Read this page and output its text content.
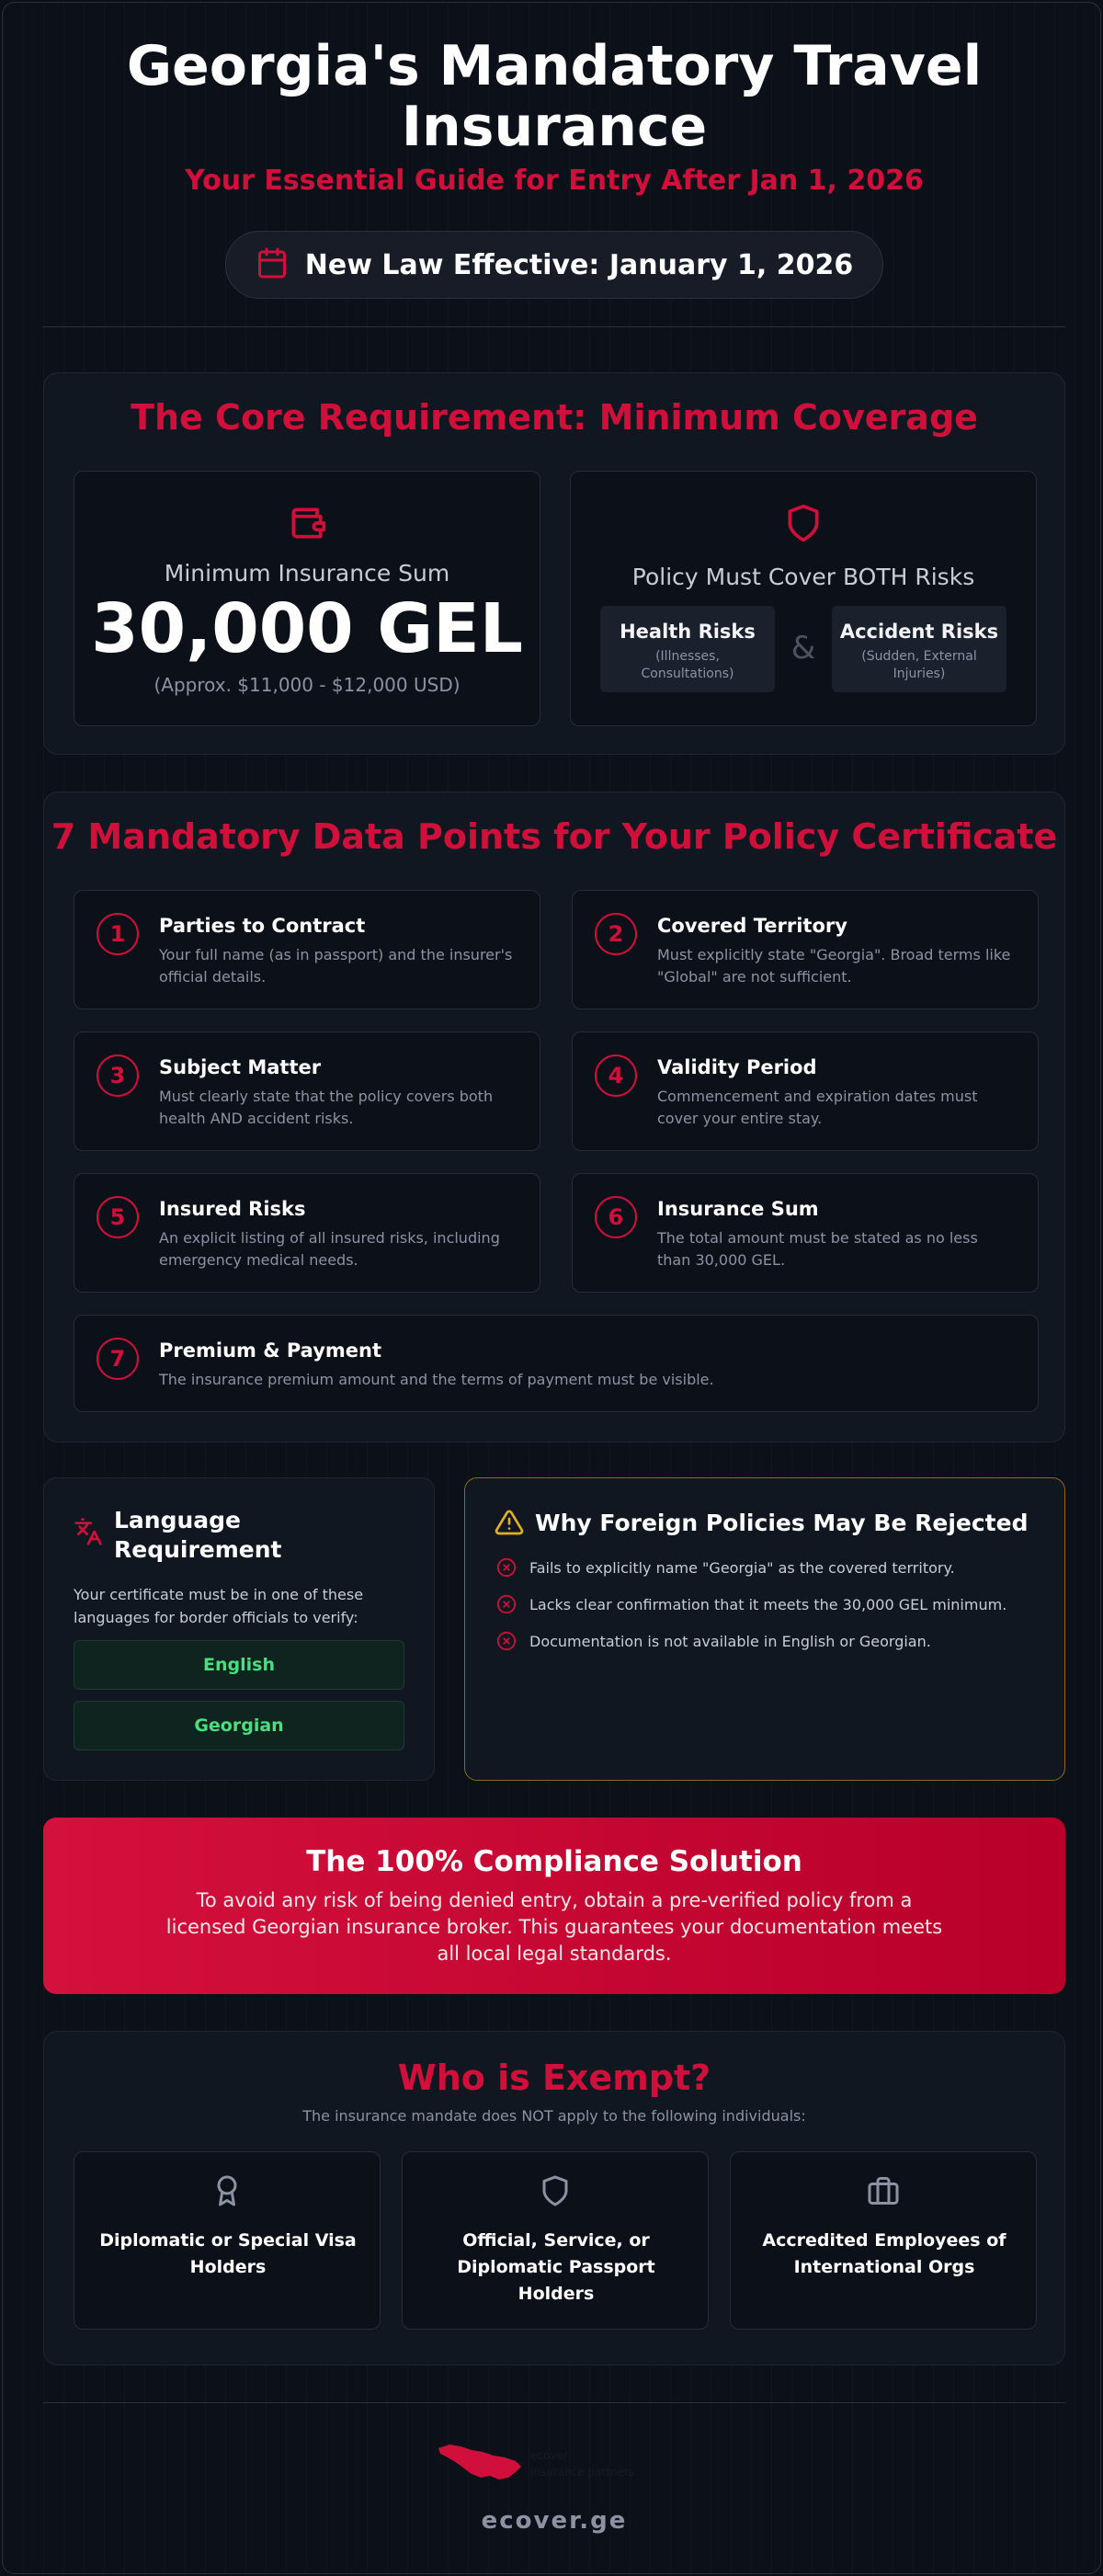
Georgia's Mandatory Travel Insurance
Your Essential Guide for Entry After Jan 1, 2026
New Law Effective: January 1, 2026
The Core Requirement: Minimum Coverage
Minimum Insurance Sum
30,000 GEL
(Approx. $11,000 - $12,000 USD)
Policy Must Cover BOTH Risks
Health Risks
(Illnesses, Consultations)
&	Accident Risks
(Sudden, External Injuries)
7 Mandatory Data Points for Your Policy Certificate
1	Parties to Contract
Your full name (as in passport) and the insurer's official details.
2	Covered Territory
Must explicitly state "Georgia". Broad terms like "Global" are not sufficient.
3	Subject Matter
Must clearly state that the policy covers both health AND accident risks.
4	Validity Period
Commencement and expiration dates must cover your entire stay.
5	Insured Risks
An explicit listing of all insured risks, including emergency medical needs.
6	Insurance Sum
The total amount must be stated as no less than 30,000 GEL.
7	Premium & Payment
The insurance premium amount and the terms of payment must be visible.
Language Requirement
Your certificate must be in one of these languages for border officials to verify:
English
Georgian
Why Foreign Policies May Be Rejected
Fails to explicitly name "Georgia" as the covered territory.
Lacks clear confirmation that it meets the 30,000 GEL minimum.
Documentation is not available in English or Georgian.
The 100% Compliance Solution
To avoid any risk of being denied entry, obtain a pre-verified policy from a licensed Georgian insurance broker. This guarantees your documentation meets all local legal standards.
Who is Exempt?
The insurance mandate does NOT apply to the following individuals:
Diplomatic or Special Visa Holders
Official, Service, or Diplomatic Passport Holders
Accredited Employees of International Orgs
ecover
insurance partners
ecover.ge
